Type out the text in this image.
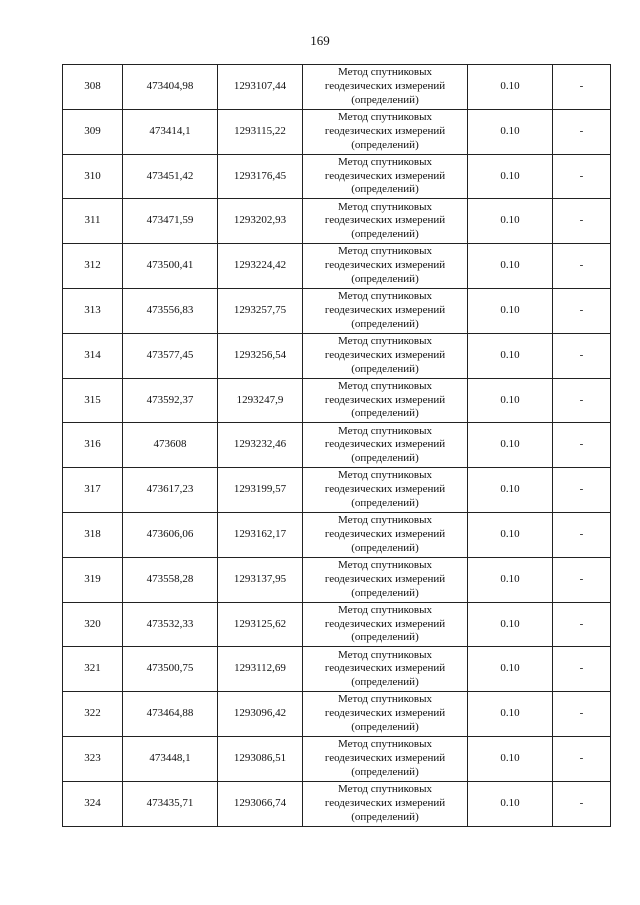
169
308	473404,98	1293107,44	Метод спутниковых геодезических измерений (определений)	0.10	-
309	473414,1	1293115,22	Метод спутниковых геодезических измерений (определений)	0.10	-
310	473451,42	1293176,45	Метод спутниковых геодезических измерений (определений)	0.10	-
311	473471,59	1293202,93	Метод спутниковых геодезических измерений (определений)	0.10	-
312	473500,41	1293224,42	Метод спутниковых геодезических измерений (определений)	0.10	-
313	473556,83	1293257,75	Метод спутниковых геодезических измерений (определений)	0.10	-
314	473577,45	1293256,54	Метод спутниковых геодезических измерений (определений)	0.10	-
315	473592,37	1293247,9	Метод спутниковых геодезических измерений (определений)	0.10	-
316	473608	1293232,46	Метод спутниковых геодезических измерений (определений)	0.10	-
317	473617,23	1293199,57	Метод спутниковых геодезических измерений (определений)	0.10	-
318	473606,06	1293162,17	Метод спутниковых геодезических измерений (определений)	0.10	-
319	473558,28	1293137,95	Метод спутниковых геодезических измерений (определений)	0.10	-
320	473532,33	1293125,62	Метод спутниковых геодезических измерений (определений)	0.10	-
321	473500,75	1293112,69	Метод спутниковых геодезических измерений (определений)	0.10	-
322	473464,88	1293096,42	Метод спутниковых геодезических измерений (определений)	0.10	-
323	473448,1	1293086,51	Метод спутниковых геодезических измерений (определений)	0.10	-
324	473435,71	1293066,74	Метод спутниковых геодезических измерений (определений)	0.10	-
